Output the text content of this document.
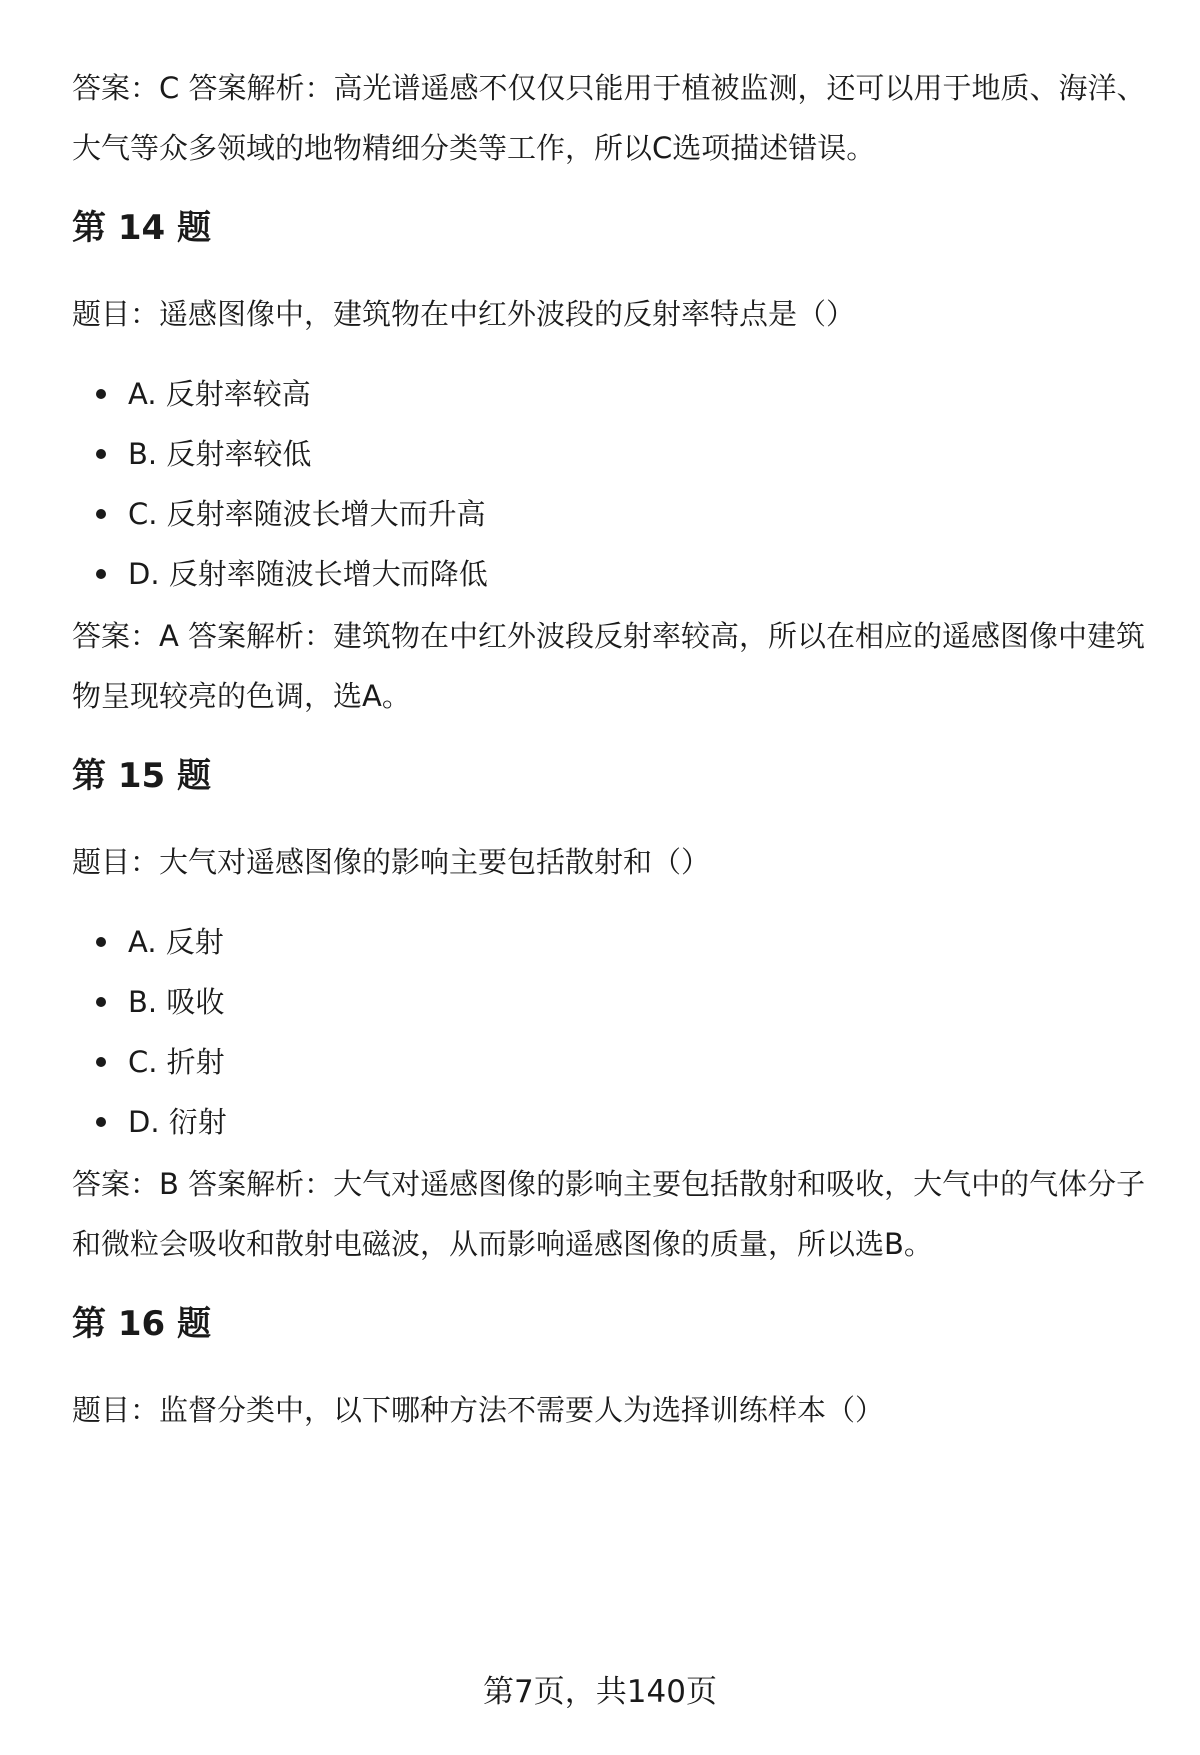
答案：C 答案解析：高光谱遥感不仅仅只能用于植被监测，还可以用于地质、海洋、大气等众多领域的地物精细分类等工作，所以C选项描述错误。

第 14 题

题目：遥感图像中，建筑物在中红外波段的反射率特点是（）

A. 反射率较高
B. 反射率较低
C. 反射率随波长增大而升高
D. 反射率随波长增大而降低

答案：A 答案解析：建筑物在中红外波段反射率较高，所以在相应的遥感图像中建筑物呈现较亮的色调，选A。

第 15 题

题目：大气对遥感图像的影响主要包括散射和（）

A. 反射
B. 吸收
C. 折射
D. 衍射

答案：B 答案解析：大气对遥感图像的影响主要包括散射和吸收，大气中的气体分子和微粒会吸收和散射电磁波，从而影响遥感图像的质量，所以选B。

第 16 题

题目：监督分类中，以下哪种方法不需要人为选择训练样本（）

第7页，共140页
